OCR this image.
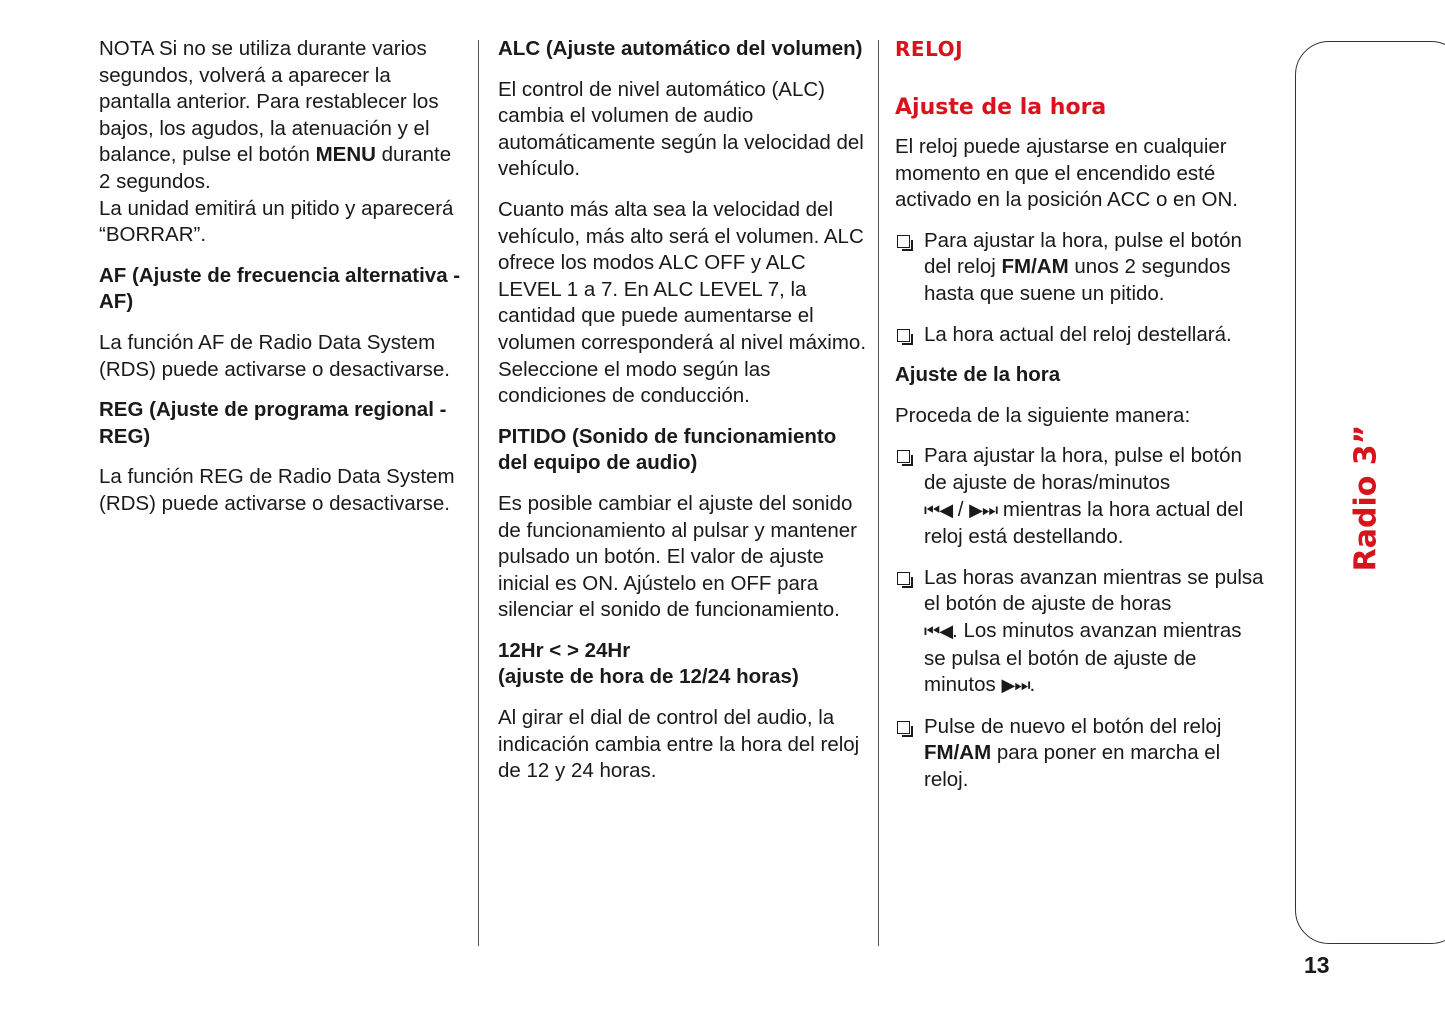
NOTA Si no se utiliza durante varios segundos, volverá a aparecer la pantalla anterior. Para restablecer los bajos, los agudos, la atenuación y el balance, pulse el botón MENU durante 2 segundos.
La unidad emitirá un pitido y aparecerá “BORRAR”.

AF (Ajuste de frecuencia alternativa - AF)

La función AF de Radio Data System (RDS) puede activarse o desactivarse.

REG (Ajuste de programa regional - REG)

La función REG de Radio Data System (RDS) puede activarse o desactivarse.

ALC (Ajuste automático del volumen)

El control de nivel automático (ALC) cambia el volumen de audio automáticamente según la velocidad del vehículo.

Cuanto más alta sea la velocidad del vehículo, más alto será el volumen. ALC ofrece los modos ALC OFF y ALC LEVEL 1 a 7. En ALC LEVEL 7, la cantidad que puede aumentarse el volumen corresponderá al nivel máximo. Seleccione el modo según las condiciones de conducción.

PITIDO (Sonido de funcionamiento del equipo de audio)

Es posible cambiar el ajuste del sonido de funcionamiento al pulsar y mantener pulsado un botón. El valor de ajuste inicial es ON. Ajústelo en OFF para silenciar el sonido de funcionamiento.

12Hr < > 24Hr
(ajuste de hora de 12/24 horas)

Al girar el dial de control del audio, la indicación cambia entre la hora del reloj de 12 y 24 horas.

RELOJ
Ajuste de la hora

El reloj puede ajustarse en cualquier momento en que el encendido esté activado en la posición ACC o en ON.

Para ajustar la hora, pulse el botón del reloj FM/AM unos 2 segundos hasta que suene un pitido.
La hora actual del reloj destellará.
Ajuste de la hora

Proceda de la siguiente manera:

Para ajustar la hora, pulse el botón de ajuste de horas/minutos
⏮◀ / ▶⏭ mientras la hora actual del reloj está destellando.
Las horas avanzan mientras se pulsa el botón de ajuste de horas
⏮◀. Los minutos avanzan mientras se pulsa el botón de ajuste de minutos ▶⏭.
Pulse de nuevo el botón del reloj
FM/AM para poner en marcha el reloj.
Radio 3”
13
